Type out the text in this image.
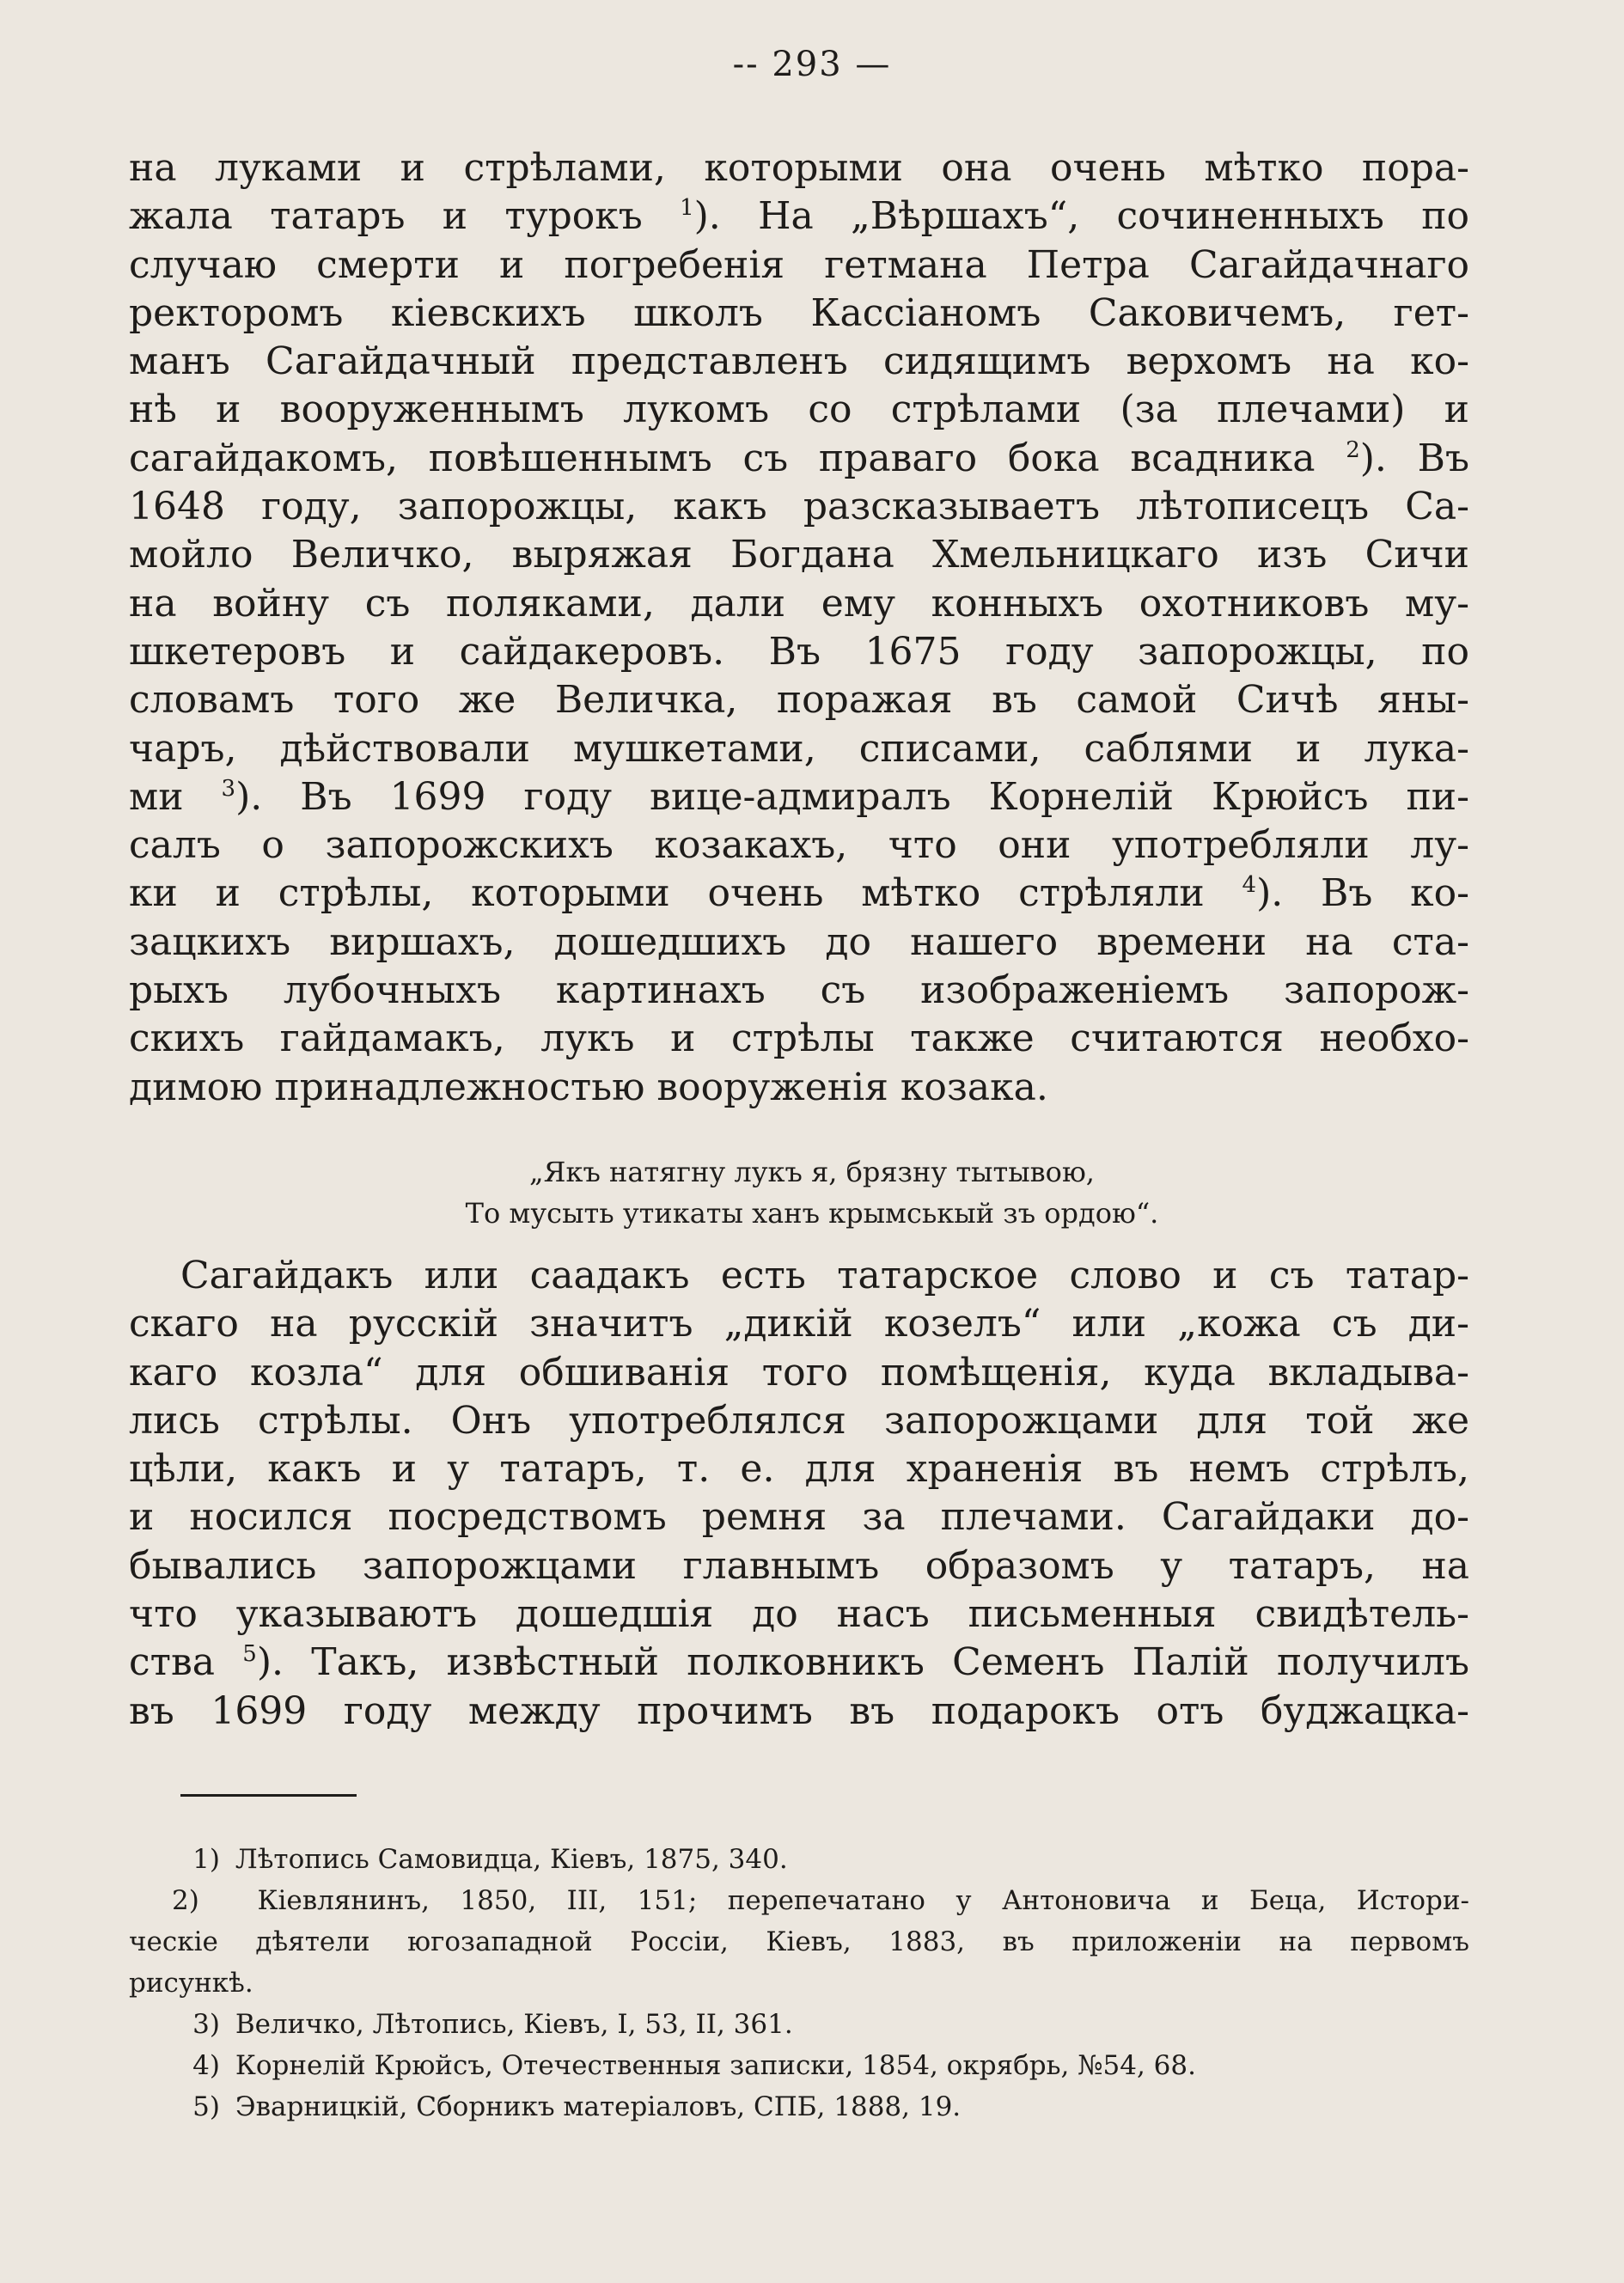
-- 293 —
на луками и стрѣлами, которыми она очень мѣтко пора-
жала татаръ и турокъ $^1$). На „Вѣршахъ“, сочиненныхъ по
случаю смерти и погребенія гетмана Петра Сагайдачнаго
ректоромъ кіевскихъ школъ Кассіаномъ Саковичемъ, гет-
манъ Сагайдачный представленъ сидящимъ верхомъ на ко-
нѣ и вооруженнымъ лукомъ со стрѣлами (за плечами) и
сагайдакомъ, повѣшеннымъ съ праваго бока всадника $^2$). Въ
1648 году, запорожцы, какъ разсказываетъ лѣтописецъ Са-
мойло Величко, выряжая Богдана Хмельницкаго изъ Сичи
на войну съ поляками, дали ему конныхъ охотниковъ му-
шкетеровъ и сайдакеровъ. Въ 1675 году запорожцы, по
словамъ того же Величка, поражая въ самой Сичѣ яны-
чаръ, дѣйствовали мушкетами, списами, саблями и лука-
ми $^3$). Въ 1699 году вице-адмиралъ Корнелій Крюйсъ пи-
салъ о запорожскихъ козакахъ, что они употребляли лу-
ки и стрѣлы, которыми очень мѣтко стрѣляли $^4$). Въ ко-
зацкихъ виршахъ, дошедшихъ до нашего времени на ста-
рыхъ лубочныхъ картинахъ съ изображеніемъ запорож-
скихъ гайдамакъ, лукъ и стрѣлы также считаются необхо-
димою принадлежностью вооруженія козака.
„Якъ натягну лукъ я, брязну тытывою,
То мусыть утикаты ханъ крымськый зъ ордою“.
Сагайдакъ или саадакъ есть татарское слово и съ татар-
скаго на русскій значитъ „дикій козелъ“ или „кожа съ ди-
каго козла“ для обшиванія того помѣщенія, куда вкладыва-
лись стрѣлы. Онъ употреблялся запорожцами для той же
цѣли, какъ и у татаръ, т. е. для храненія въ немъ стрѣлъ,
и носился посредствомъ ремня за плечами. Сагайдаки до-
бывались запорожцами главнымъ образомъ у татаръ, на
что указываютъ дошедшія до насъ письменныя свидѣтель-
ства $^5$). Такъ, извѣстный полковникъ Семенъ Палій получилъ
въ 1699 году между прочимъ въ подарокъ отъ буджацка-
1) Лѣтопись Самовидца, Кіевъ, 1875, 340.
2) Кіевлянинъ, 1850, III, 151; перепечатано у Антоновича и Беца, Истори-
ческіе дѣятели югозападной Россіи, Кіевъ, 1883, въ приложеніи на первомъ
рисункѣ.
3) Величко, Лѣтопись, Кіевъ, I, 53, II, 361.
4) Корнелій Крюйсъ, Отечественныя записки, 1854, окрябрь, №54, 68.
5) Эварницкій, Сборникъ матеріаловъ, СПБ, 1888, 19.
